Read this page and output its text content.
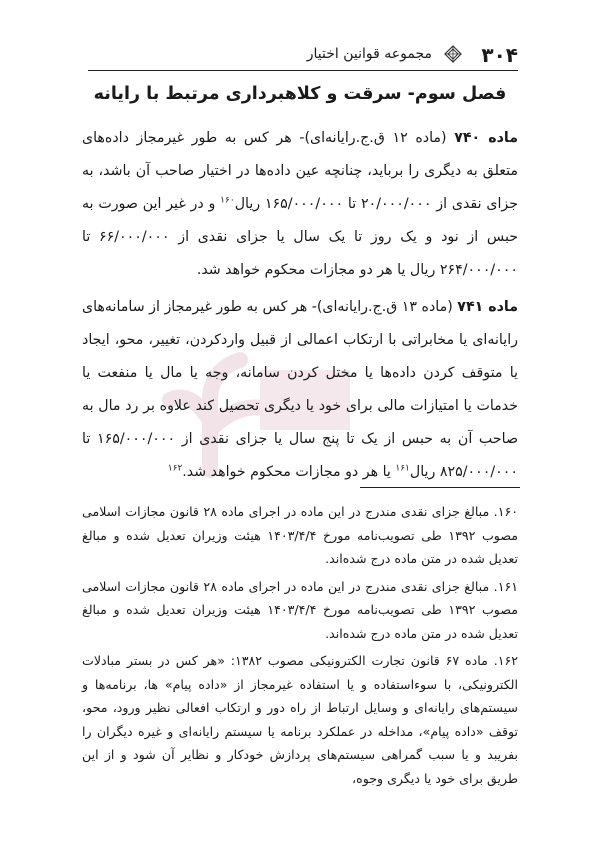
۳۰۴
مجموعه قوانین اختیار
فصل سوم- سرقت و کلاهبرداری مرتبط با رایانه

ماده ۷۴۰ (ماده ۱۲ ق.ج.رایانه‌ای)- هر کس به طور غیرمجاز داده‌های متعلق به دیگری را برباید، چنانچه عین داده‌ها در اختیار صاحب آن باشد، به جزای نقدی از ۲۰/۰۰۰/۰۰۰ تا ۱۶۵/۰۰۰/۰۰۰ ریال$^{۱۶۰}$ و در غیر این صورت به حبس از نود و یک روز تا یک سال یا جزای نقدی از ۶۶/۰۰۰/۰۰۰ تا ۲۶۴/۰۰۰/۰۰۰ ریال یا هر دو مجازات محکوم خواهد شد.

ماده ۷۴۱ (ماده ۱۳ ق.ج.رایانه‌ای)- هر کس به طور غیرمجاز از سامانه‌های رایانه‌ای یا مخابراتی با ارتکاب اعمالی از قبیل واردکردن، تغییر، محو، ایجاد یا متوقف کردن داده‌ها یا مختل کردن سامانه، وجه یا مال یا منفعت یا خدمات یا امتیازات مالی برای خود یا دیگری تحصیل کند علاوه بر رد مال به صاحب آن به حبس از یک تا پنج سال یا جزای نقدی از ۱۶۵/۰۰۰/۰۰۰ تا ۸۲۵/۰۰۰/۰۰۰ ریال$^{۱۶۱}$ یا هر دو مجازات محکوم خواهد شد.$^{۱۶۲}$

۱۶۰. مبالغ جزای نقدی مندرج در این ماده در اجرای ماده ۲۸ قانون مجازات اسلامی مصوب ۱۳۹۲ طی تصویب‌نامه مورخ ۱۴۰۳/۴/۴ هیئت وزیران تعدیل شده و مبالغ تعدیل شده در متن ماده درج شده‌اند.

۱۶۱. مبالغ جزای نقدی مندرج در این ماده در اجرای ماده ۲۸ قانون مجازات اسلامی مصوب ۱۳۹۲ طی تصویب‌نامه مورخ ۱۴۰۳/۴/۴ هیئت وزیران تعدیل شده و مبالغ تعدیل شده در متن ماده درج شده‌اند.

۱۶۲. ماده ۶۷ قانون تجارت الکترونیکی مصوب ۱۳۸۲: «هر کس در بستر مبادلات الکترونیکی، با سوءاستفاده و یا استفاده غیرمجاز از «داده پیام» ها، برنامه‌ها و سیستم‌های رایانه‌ای و وسایل ارتباط از راه دور و ارتکاب افعالی نظیر ورود، محو، توقف «داده پیام»، مداخله در عملکرد برنامه یا سیستم رایانه‌ای و غیره دیگران را بفریبد و یا سبب گمراهی سیستم‌های پردازش خودکار و نظایر آن شود و از این طریق برای خود یا دیگری وجوه،
